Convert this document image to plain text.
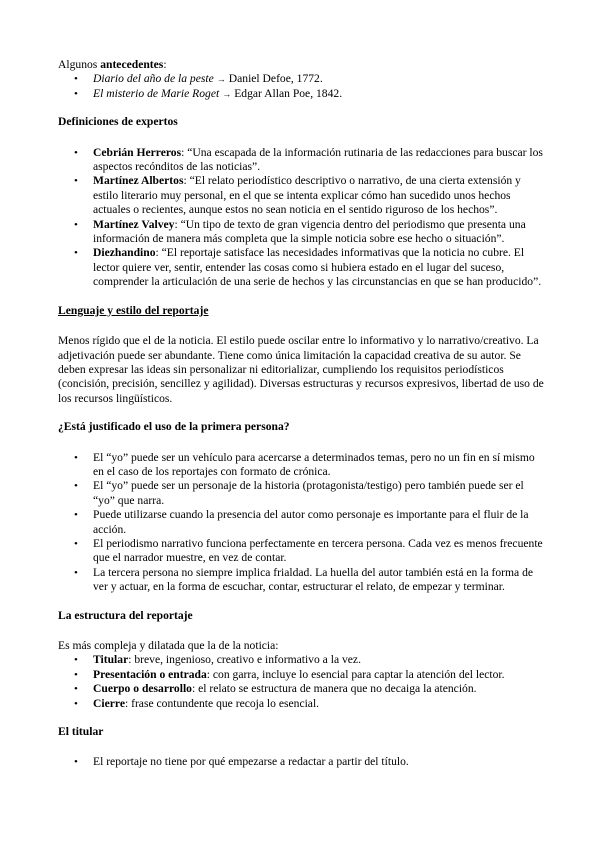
Algunos antecedentes:

• Diario del año de la peste → Daniel Defoe, 1772.
• El misterio de Marie Roget → Edgar Allan Poe, 1842.

Definiciones de expertos

• Cebrián Herreros: “Una escapada de la información rutinaria de las redacciones para buscar los aspectos recónditos de las noticias”.
• Martínez Albertos: “El relato periodístico descriptivo o narrativo, de una cierta extensión y estilo literario muy personal, en el que se intenta explicar cómo han sucedido unos hechos actuales o recientes, aunque estos no sean noticia en el sentido riguroso de los hechos”.
• Martínez Valvey: “Un tipo de texto de gran vigencia dentro del periodismo que presenta una información de manera más completa que la simple noticia sobre ese hecho o situación”.
• Diezhandino: “El reportaje satisface las necesidades informativas que la noticia no cubre. El lector quiere ver, sentir, entender las cosas como si hubiera estado en el lugar del suceso, comprender la articulación de una serie de hechos y las circunstancias en que se han producido”.

Lenguaje y estilo del reportaje

Menos rígido que el de la noticia. El estilo puede oscilar entre lo informativo y lo narrativo/creativo. La adjetivación puede ser abundante. Tiene como única limitación la capacidad creativa de su autor. Se deben expresar las ideas sin personalizar ni editorializar, cumpliendo los requisitos periodísticos (concisión, precisión, sencillez y agilidad). Diversas estructuras y recursos expresivos, libertad de uso de los recursos lingüísticos.

¿Está justificado el uso de la primera persona?

• El “yo” puede ser un vehículo para acercarse a determinados temas, pero no un fin en sí mismo en el caso de los reportajes con formato de crónica.
• El “yo” puede ser un personaje de la historia (protagonista/testigo) pero también puede ser el “yo” que narra.
• Puede utilizarse cuando la presencia del autor como personaje es importante para el fluir de la acción.
• El periodismo narrativo funciona perfectamente en tercera persona. Cada vez es menos frecuente que el narrador muestre, en vez de contar.
• La tercera persona no siempre implica frialdad. La huella del autor también está en la forma de ver y actuar, en la forma de escuchar, contar, estructurar el relato, de empezar y terminar.

La estructura del reportaje

Es más compleja y dilatada que la de la noticia:

• Titular: breve, ingenioso, creativo e informativo a la vez.
• Presentación o entrada: con garra, incluye lo esencial para captar la atención del lector.
• Cuerpo o desarrollo: el relato se estructura de manera que no decaiga la atención.
• Cierre: frase contundente que recoja lo esencial.

El titular

• El reportaje no tiene por qué empezarse a redactar a partir del título.
